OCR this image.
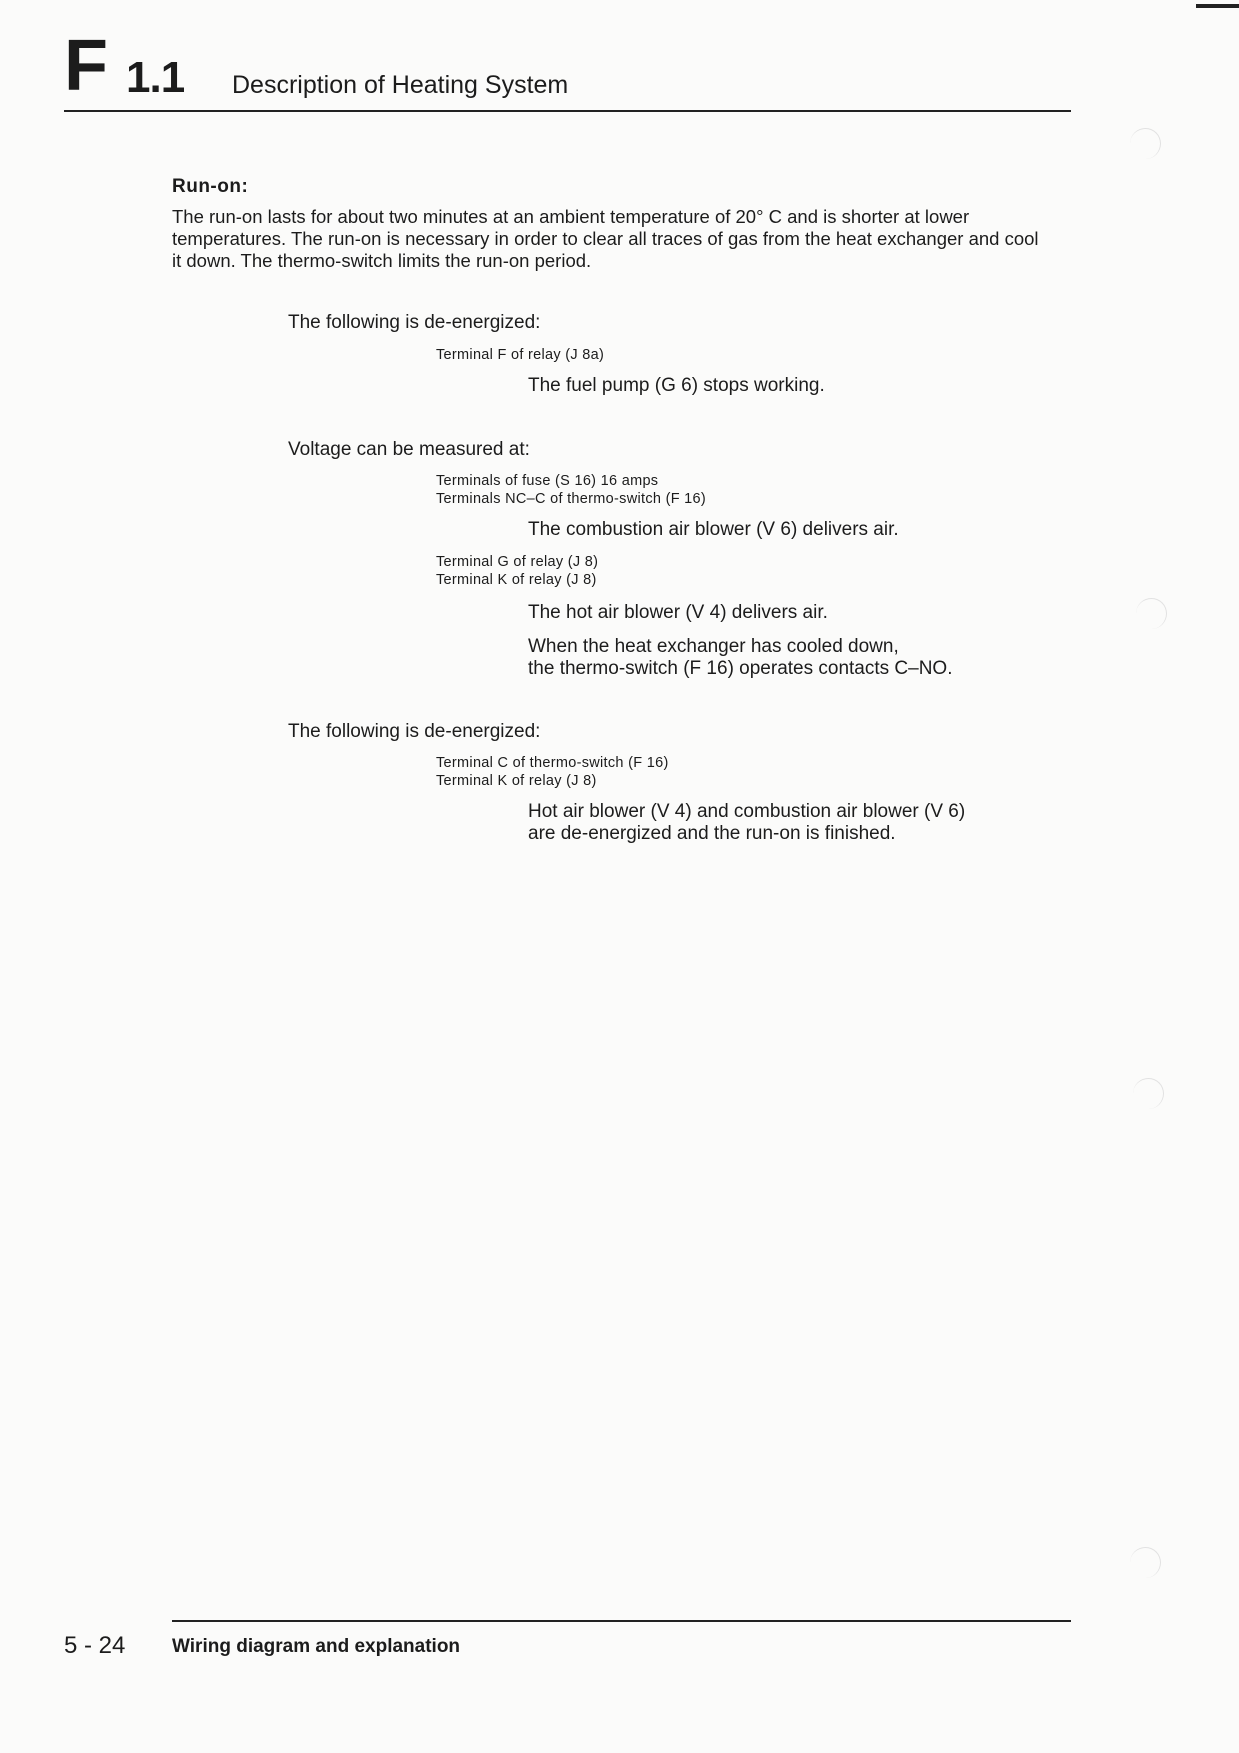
F 1.1 Description of Heating System
Run-on:
The run-on lasts for about two minutes at an ambient temperature of 20° C and is shorter at lower temperatures. The run-on is necessary in order to clear all traces of gas from the heat exchanger and cool it down. The thermo-switch limits the run-on period.
The following is de-energized:
Terminal F of relay (J 8a)
The fuel pump (G 6) stops working.
Voltage can be measured at:
Terminals of fuse (S 16) 16 amps
Terminals NC–C of thermo-switch (F 16)
The combustion air blower (V 6) delivers air.
Terminal G of relay (J 8)
Terminal K of relay (J 8)
The hot air blower (V 4) delivers air.
When the heat exchanger has cooled down,
the thermo-switch (F 16) operates contacts C–NO.
The following is de-energized:
Terminal C of thermo-switch (F 16)
Terminal K of relay (J 8)
Hot air blower (V 4) and combustion air blower (V 6)
are de-energized and the run-on is finished.
5 - 24 Wiring diagram and explanation
